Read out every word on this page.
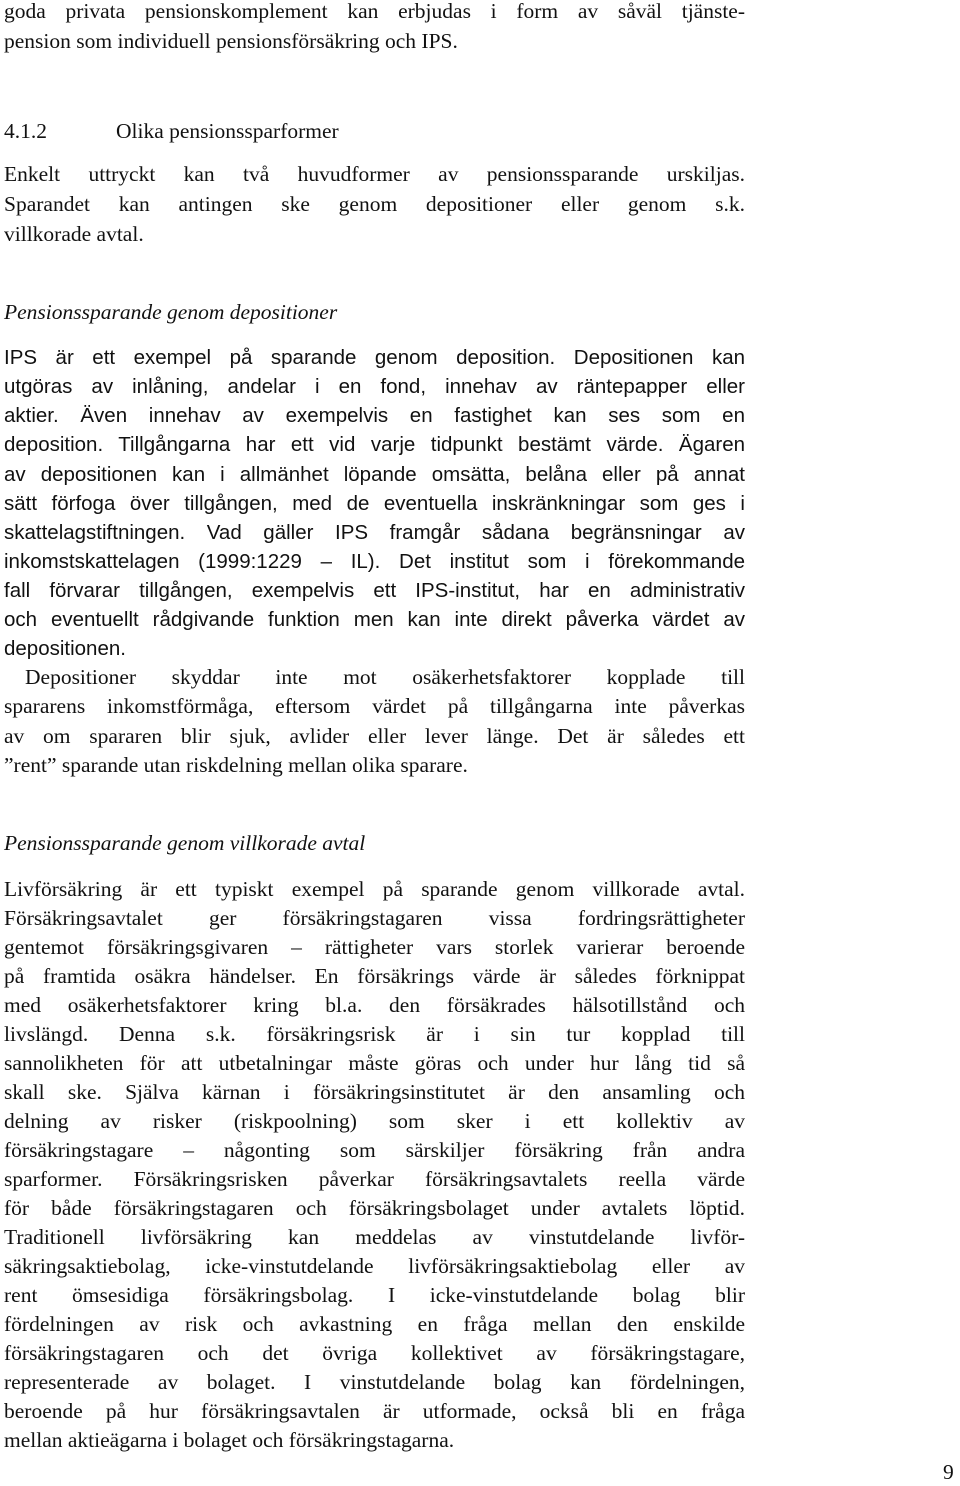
goda privata pensionskomplement kan erbjudas i form av såväl tjänste-
pension som individuell pensionsförsäkring och IPS.
4.1.2	Olika pensionssparformer
Enkelt uttryckt kan två huvudformer av pensionssparande urskiljas.
Sparandet kan antingen ske genom depositioner eller genom s.k.
villkorade avtal.
Pensionssparande genom depositioner
IPS är ett exempel på sparande genom deposition. Depositionen kan
utgöras av inlåning, andelar i en fond, innehav av räntepapper eller
aktier. Även innehav av exempelvis en fastighet kan ses som en
deposition. Tillgångarna har ett vid varje tidpunkt bestämt värde. Ägaren
av depositionen kan i allmänhet löpande omsätta, belåna eller på annat
sätt förfoga över tillgången, med de eventuella inskränkningar som ges i
skattelagstiftningen. Vad gäller IPS framgår sådana begränsningar av
inkomstskattelagen (1999:1229 – IL). Det institut som i förekommande
fall förvarar tillgången, exempelvis ett IPS-institut, har en administrativ
och eventuellt rådgivande funktion men kan inte direkt påverka värdet av
depositionen.
Depositioner skyddar inte mot osäkerhetsfaktorer kopplade till
spararens inkomstförmåga, eftersom värdet på tillgångarna inte påverkas
av om spararen blir sjuk, avlider eller lever länge. Det är således ett
”rent” sparande utan riskdelning mellan olika sparare.
Pensionssparande genom villkorade avtal
Livförsäkring är ett typiskt exempel på sparande genom villkorade avtal.
Försäkringsavtalet ger försäkringstagaren vissa fordringsrättigheter
gentemot försäkringsgivaren – rättigheter vars storlek varierar beroende
på framtida osäkra händelser. En försäkrings värde är således förknippat
med osäkerhetsfaktorer kring bl.a. den försäkrades hälsotillstånd och
livslängd. Denna s.k. försäkringsrisk är i sin tur kopplad till
sannolikheten för att utbetalningar måste göras och under hur lång tid så
skall ske. Själva kärnan i försäkringsinstitutet är den ansamling och
delning av risker (riskpoolning) som sker i ett kollektiv av
försäkringstagare – någonting som särskiljer försäkring från andra
sparformer. Försäkringsrisken påverkar försäkringsavtalets reella värde
för både försäkringstagaren och försäkringsbolaget under avtalets löptid.
Traditionell livförsäkring kan meddelas av vinstutdelande livför-
säkringsaktiebolag, icke-vinstutdelande livförsäkringsaktiebolag eller av
rent ömsesidiga försäkringsbolag. I icke-vinstutdelande bolag blir
fördelningen av risk och avkastning en fråga mellan den enskilde
försäkringstagaren och det övriga kollektivet av försäkringstagare,
representerade av bolaget. I vinstutdelande bolag kan fördelningen,
beroende på hur försäkringsavtalen är utformade, också bli en fråga
mellan aktieägarna i bolaget och försäkringstagarna.
9
